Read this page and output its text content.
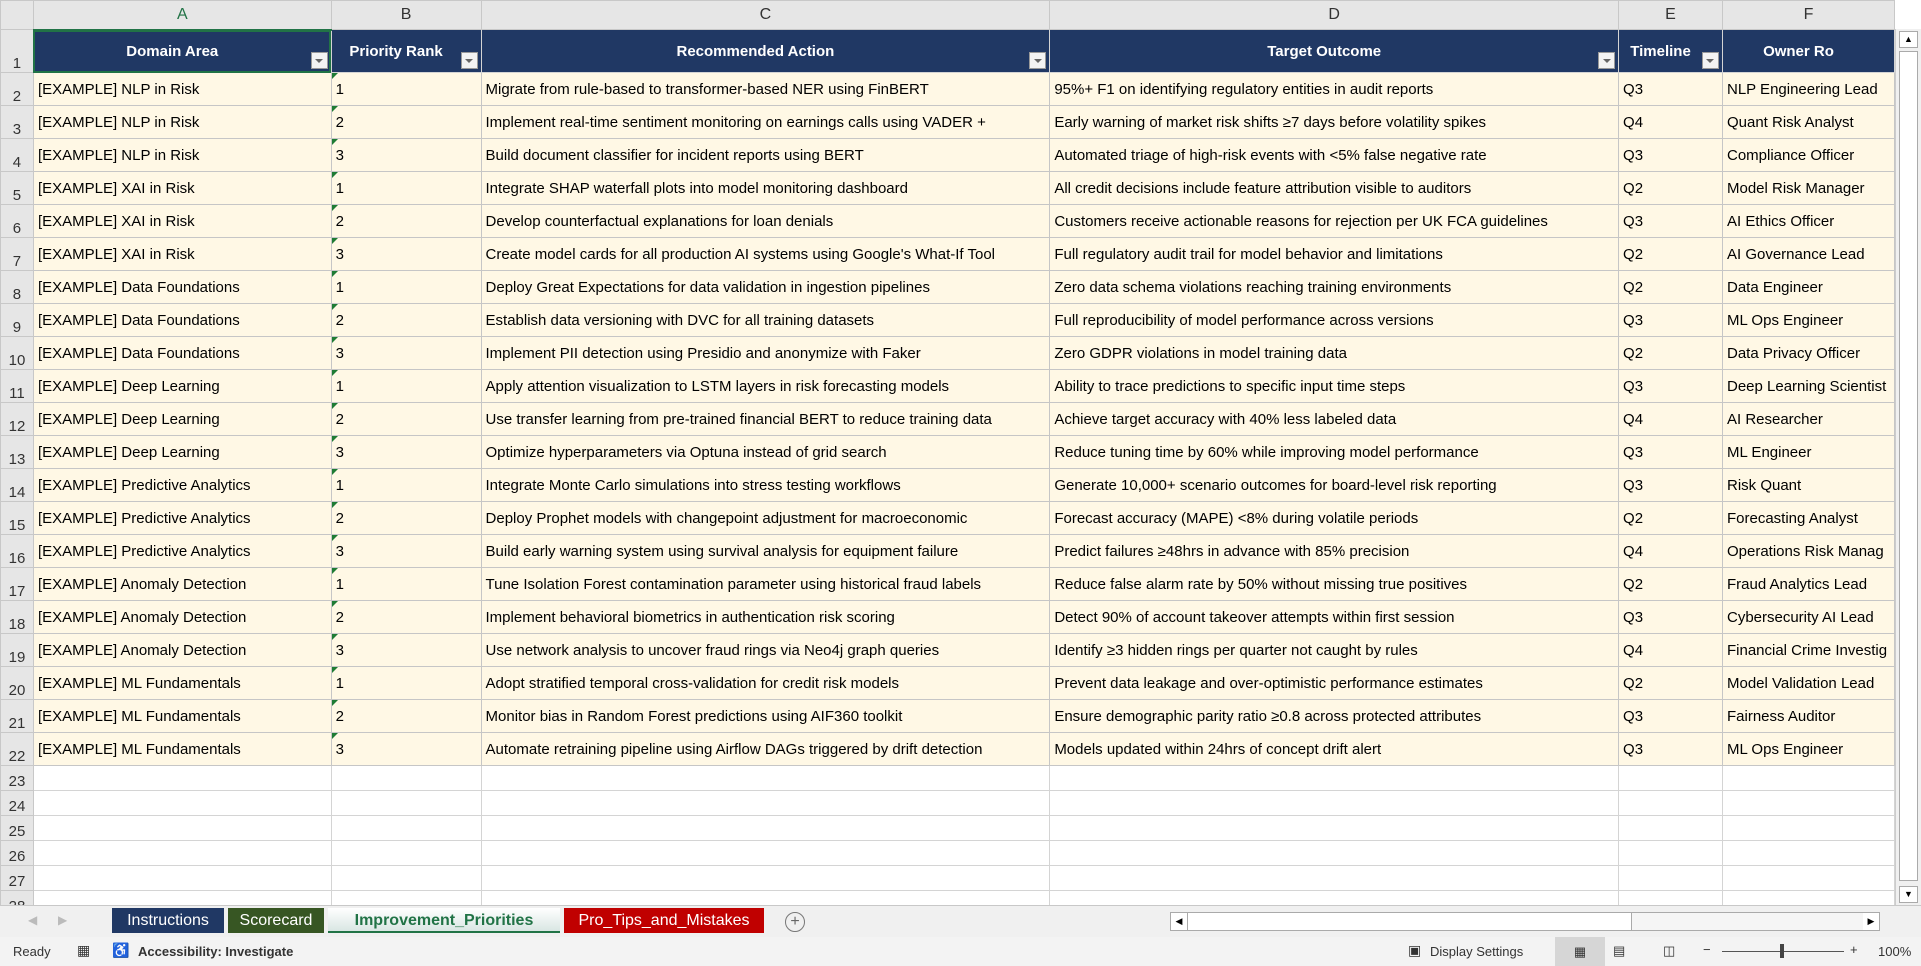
	A	B	C	D	E	F
1	Domain Area	Priority Rank	Recommended Action	Target Outcome	Timeline	Owner Ro
2	[EXAMPLE] NLP in Risk	1	Migrate from rule-based to transformer-based NER using FinBERT	95%+ F1 on identifying regulatory entities in audit reports	Q3	NLP Engineering Lead
3	[EXAMPLE] NLP in Risk	2	Implement real-time sentiment monitoring on earnings calls using VADER +	Early warning of market risk shifts ≥7 days before volatility spikes	Q4	Quant Risk Analyst
4	[EXAMPLE] NLP in Risk	3	Build document classifier for incident reports using BERT	Automated triage of high-risk events with <5% false negative rate	Q3	Compliance Officer
5	[EXAMPLE] XAI in Risk	1	Integrate SHAP waterfall plots into model monitoring dashboard	All credit decisions include feature attribution visible to auditors	Q2	Model Risk Manager
6	[EXAMPLE] XAI in Risk	2	Develop counterfactual explanations for loan denials	Customers receive actionable reasons for rejection per UK FCA guidelines	Q3	AI Ethics Officer
7	[EXAMPLE] XAI in Risk	3	Create model cards for all production AI systems using Google's What-If Tool	Full regulatory audit trail for model behavior and limitations	Q2	AI Governance Lead
8	[EXAMPLE] Data Foundations	1	Deploy Great Expectations for data validation in ingestion pipelines	Zero data schema violations reaching training environments	Q2	Data Engineer
9	[EXAMPLE] Data Foundations	2	Establish data versioning with DVC for all training datasets	Full reproducibility of model performance across versions	Q3	ML Ops Engineer
10	[EXAMPLE] Data Foundations	3	Implement PII detection using Presidio and anonymize with Faker	Zero GDPR violations in model training data	Q2	Data Privacy Officer
11	[EXAMPLE] Deep Learning	1	Apply attention visualization to LSTM layers in risk forecasting models	Ability to trace predictions to specific input time steps	Q3	Deep Learning Scientist
12	[EXAMPLE] Deep Learning	2	Use transfer learning from pre-trained financial BERT to reduce training data	Achieve target accuracy with 40% less labeled data	Q4	AI Researcher
13	[EXAMPLE] Deep Learning	3	Optimize hyperparameters via Optuna instead of grid search	Reduce tuning time by 60% while improving model performance	Q3	ML Engineer
14	[EXAMPLE] Predictive Analytics	1	Integrate Monte Carlo simulations into stress testing workflows	Generate 10,000+ scenario outcomes for board-level risk reporting	Q3	Risk Quant
15	[EXAMPLE] Predictive Analytics	2	Deploy Prophet models with changepoint adjustment for macroeconomic	Forecast accuracy (MAPE) <8% during volatile periods	Q2	Forecasting Analyst
16	[EXAMPLE] Predictive Analytics	3	Build early warning system using survival analysis for equipment failure	Predict failures ≥48hrs in advance with 85% precision	Q4	Operations Risk Manag
17	[EXAMPLE] Anomaly Detection	1	Tune Isolation Forest contamination parameter using historical fraud labels	Reduce false alarm rate by 50% without missing true positives	Q2	Fraud Analytics Lead
18	[EXAMPLE] Anomaly Detection	2	Implement behavioral biometrics in authentication risk scoring	Detect 90% of account takeover attempts within first session	Q3	Cybersecurity AI Lead
19	[EXAMPLE] Anomaly Detection	3	Use network analysis to uncover fraud rings via Neo4j graph queries	Identify ≥3 hidden rings per quarter not caught by rules	Q4	Financial Crime Investig
20	[EXAMPLE] ML Fundamentals	1	Adopt stratified temporal cross-validation for credit risk models	Prevent data leakage and over-optimistic performance estimates	Q2	Model Validation Lead
21	[EXAMPLE] ML Fundamentals	2	Monitor bias in Random Forest predictions using AIF360 toolkit	Ensure demographic parity ratio ≥0.8 across protected attributes	Q3	Fairness Auditor
22	[EXAMPLE] ML Fundamentals	3	Automate retraining pipeline using Airflow DAGs triggered by drift detection	Models updated within 24hrs of concept drift alert	Q3	ML Ops Engineer
23						
24						
25						
26						
27						

▲
▼
◀ ▶	Instructions	Scorecard	Improvement_Priorities	Pro_Tips_and_Mistakes	+	◀	▶
Ready ▦ ♿ Accessibility: Investigate	▣ Display Settings	▦	▤	◫ −	+ 100%
